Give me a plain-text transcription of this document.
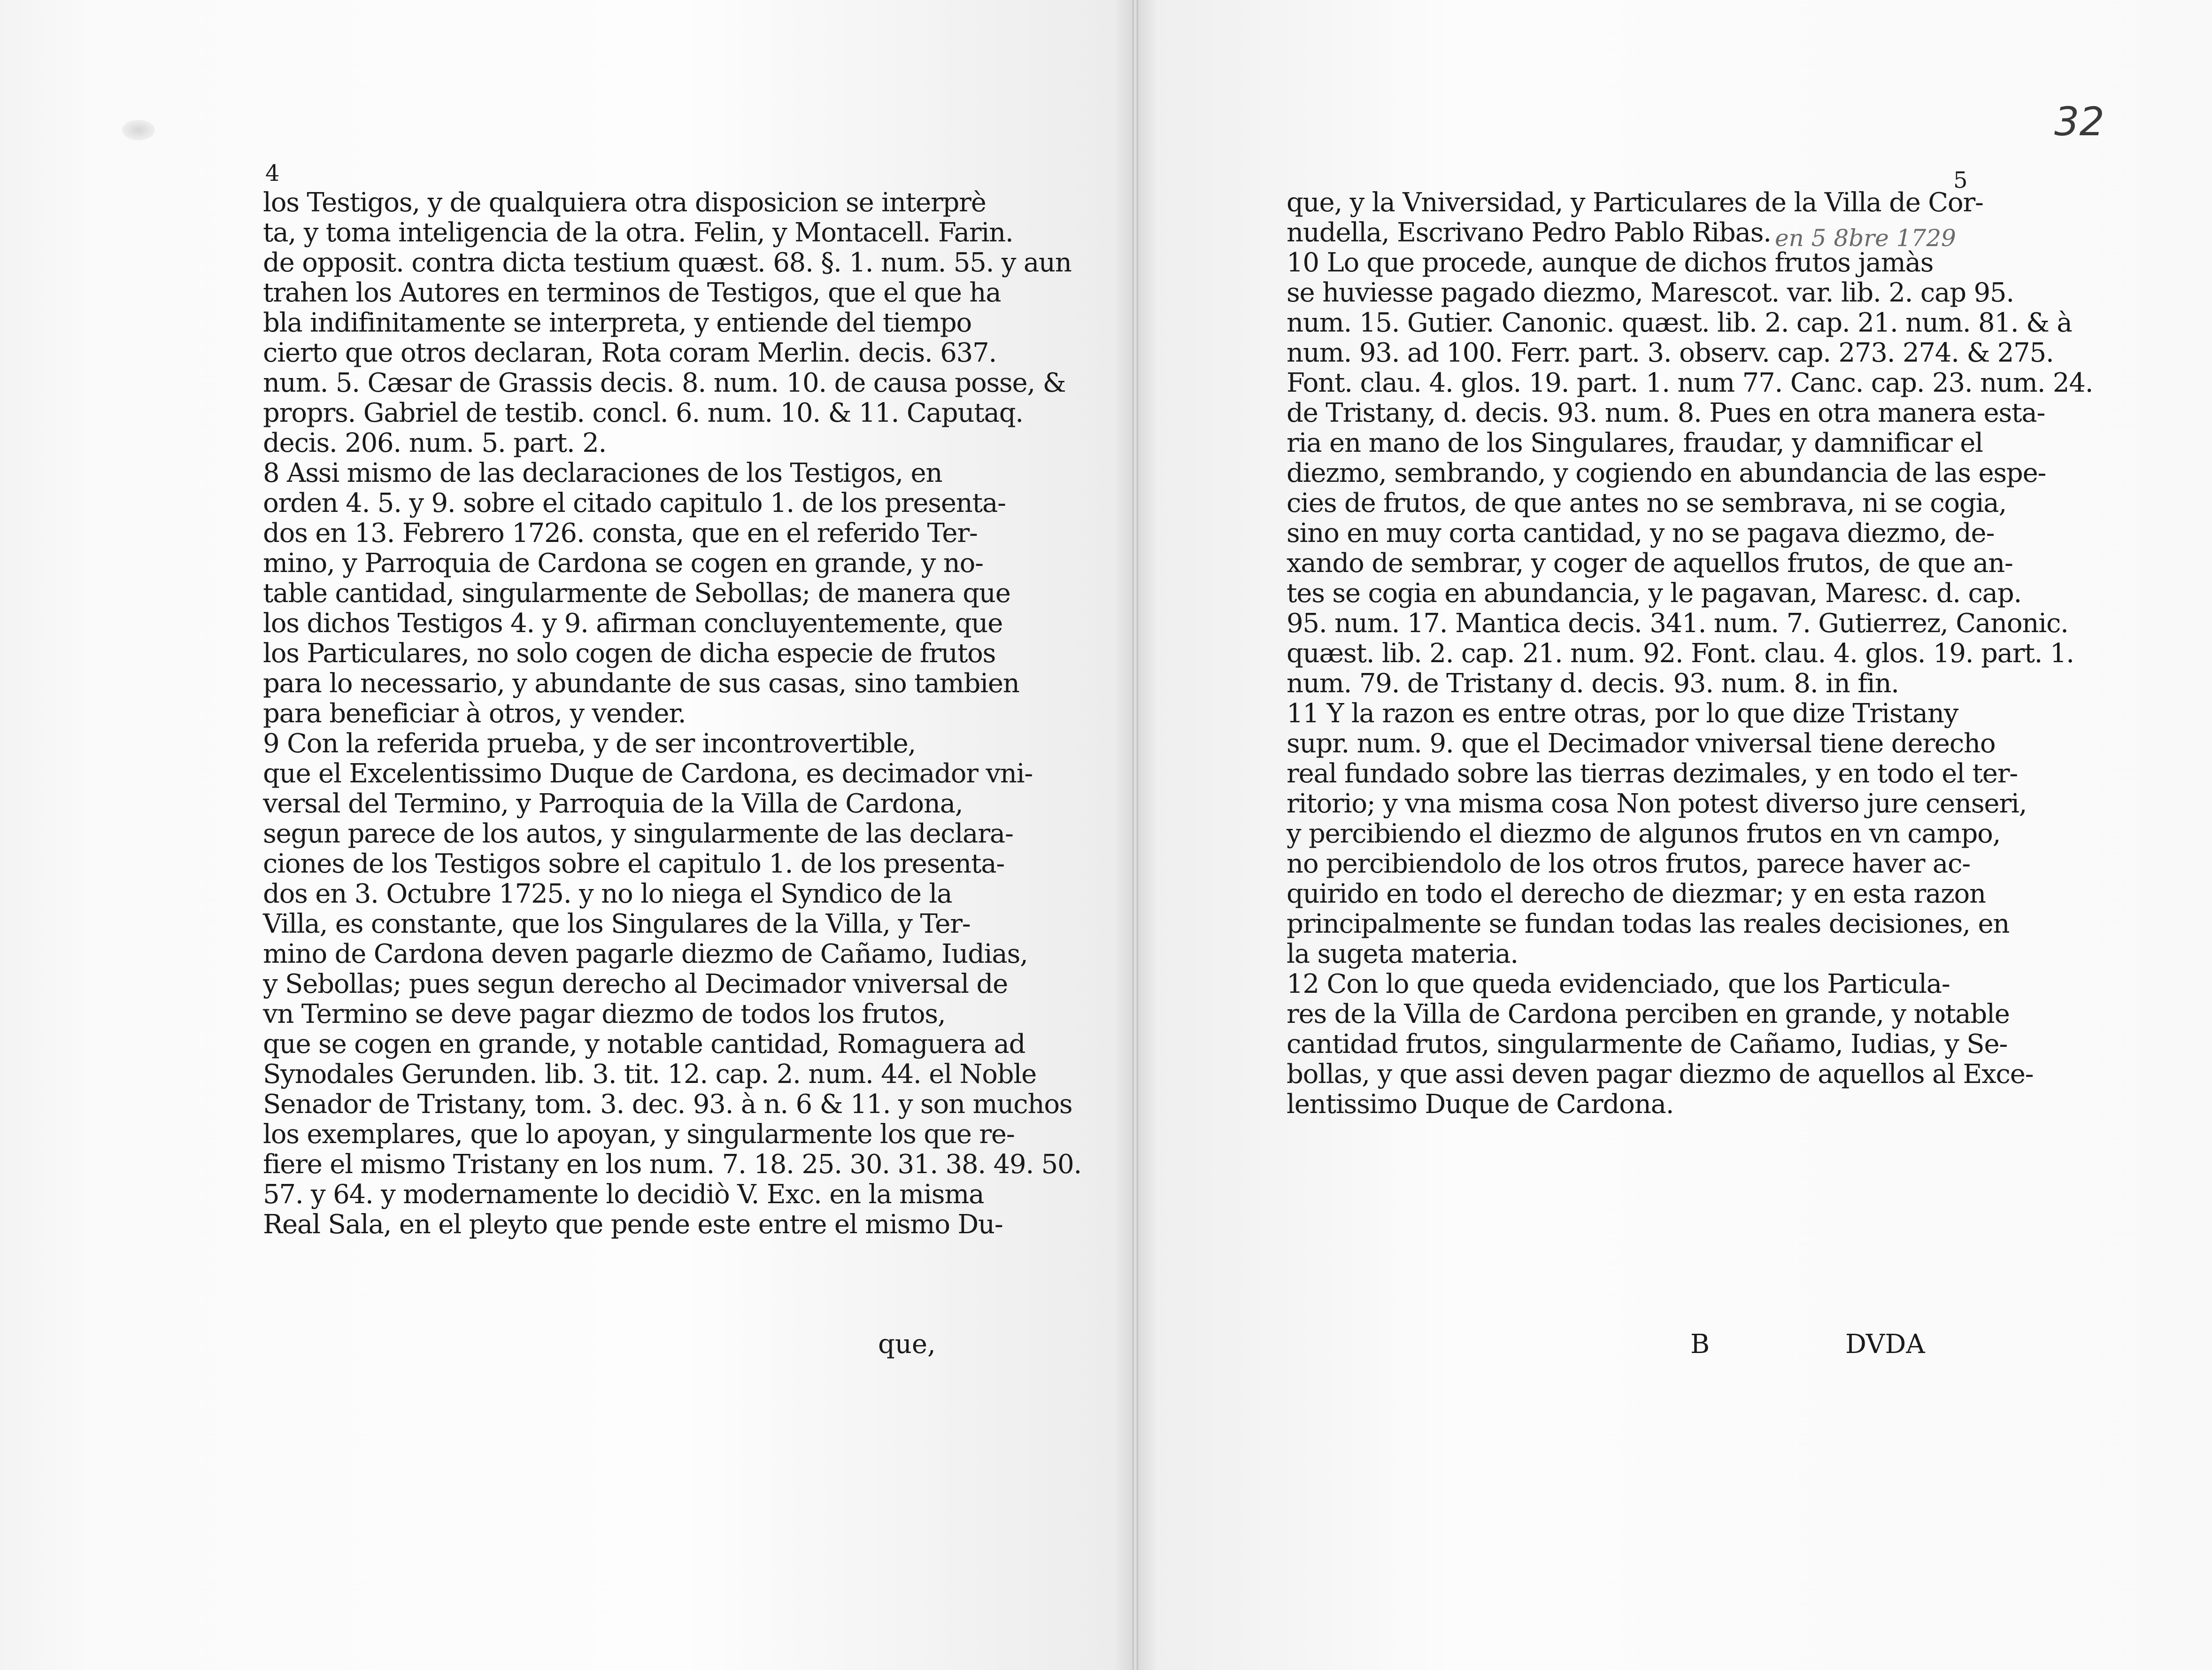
4	5
32
en 5 8bre 1729
los Testigos, y de qualquiera otra disposicion se interprè
ta, y toma inteligencia de la otra. Felin, y Montacell. Farin.
de opposit. contra dicta testium quæst. 68. §. 1. num. 55. y aun
trahen los Autores en terminos de Testigos, que el que ha
bla indifinitamente se interpreta, y entiende del tiempo
cierto que otros declaran, Rota coram Merlin. decis. 637.
num. 5. Cæsar de Grassis decis. 8. num. 10. de causa posse, &
proprs. Gabriel de testib. concl. 6. num. 10. & 11. Caputaq.
decis. 206. num. 5. part. 2.
8 Assi mismo de las declaraciones de los Testigos, en
orden 4. 5. y 9. sobre el citado capitulo 1. de los presenta-
dos en 13. Febrero 1726. consta, que en el referido Ter-
mino, y Parroquia de Cardona se cogen en grande, y no-
table cantidad, singularmente de Sebollas; de manera que
los dichos Testigos 4. y 9. afirman concluyentemente, que
los Particulares, no solo cogen de dicha especie de frutos
para lo necessario, y abundante de sus casas, sino tambien
para beneficiar à otros, y vender.
9 Con la referida prueba, y de ser incontrovertible,
que el Excelentissimo Duque de Cardona, es decimador vni-
versal del Termino, y Parroquia de la Villa de Cardona,
segun parece de los autos, y singularmente de las declara-
ciones de los Testigos sobre el capitulo 1. de los presenta-
dos en 3. Octubre 1725. y no lo niega el Syndico de la
Villa, es constante, que los Singulares de la Villa, y Ter-
mino de Cardona deven pagarle diezmo de Cañamo, Iudias,
y Sebollas; pues segun derecho al Decimador vniversal de
vn Termino se deve pagar diezmo de todos los frutos,
que se cogen en grande, y notable cantidad, Romaguera ad
Synodales Gerunden. lib. 3. tit. 12. cap. 2. num. 44. el Noble
Senador de Tristany, tom. 3. dec. 93. à n. 6 & 11. y son muchos
los exemplares, que lo apoyan, y singularmente los que re-
fiere el mismo Tristany en los num. 7. 18. 25. 30. 31. 38. 49. 50.
57. y 64. y modernamente lo decidiò V. Exc. en la misma
Real Sala, en el pleyto que pende este entre el mismo Du-
que, y la Vniversidad, y Particulares de la Villa de Cor-
nudella, Escrivano Pedro Pablo Ribas.
10 Lo que procede, aunque de dichos frutos jamàs
se huviesse pagado diezmo, Marescot. var. lib. 2. cap 95.
num. 15. Gutier. Canonic. quæst. lib. 2. cap. 21. num. 81. & à
num. 93. ad 100. Ferr. part. 3. observ. cap. 273. 274. & 275.
Font. clau. 4. glos. 19. part. 1. num 77. Canc. cap. 23. num. 24.
de Tristany, d. decis. 93. num. 8. Pues en otra manera esta-
ria en mano de los Singulares, fraudar, y damnificar el
diezmo, sembrando, y cogiendo en abundancia de las espe-
cies de frutos, de que antes no se sembrava, ni se cogia,
sino en muy corta cantidad, y no se pagava diezmo, de-
xando de sembrar, y coger de aquellos frutos, de que an-
tes se cogia en abundancia, y le pagavan, Maresc. d. cap.
95. num. 17. Mantica decis. 341. num. 7. Gutierrez, Canonic.
quæst. lib. 2. cap. 21. num. 92. Font. clau. 4. glos. 19. part. 1.
num. 79. de Tristany d. decis. 93. num. 8. in fin.
11 Y la razon es entre otras, por lo que dize Tristany
supr. num. 9. que el Decimador vniversal tiene derecho
real fundado sobre las tierras dezimales, y en todo el ter-
ritorio; y vna misma cosa Non potest diverso jure censeri,
y percibiendo el diezmo de algunos frutos en vn campo,
no percibiendolo de los otros frutos, parece haver ac-
quirido en todo el derecho de diezmar; y en esta razon
principalmente se fundan todas las reales decisiones, en
la sugeta materia.
12 Con lo que queda evidenciado, que los Particula-
res de la Villa de Cardona perciben en grande, y notable
cantidad frutos, singularmente de Cañamo, Iudias, y Se-
bollas, y que assi deven pagar diezmo de aquellos al Exce-
lentissimo Duque de Cardona.
que,	B	DVDA
